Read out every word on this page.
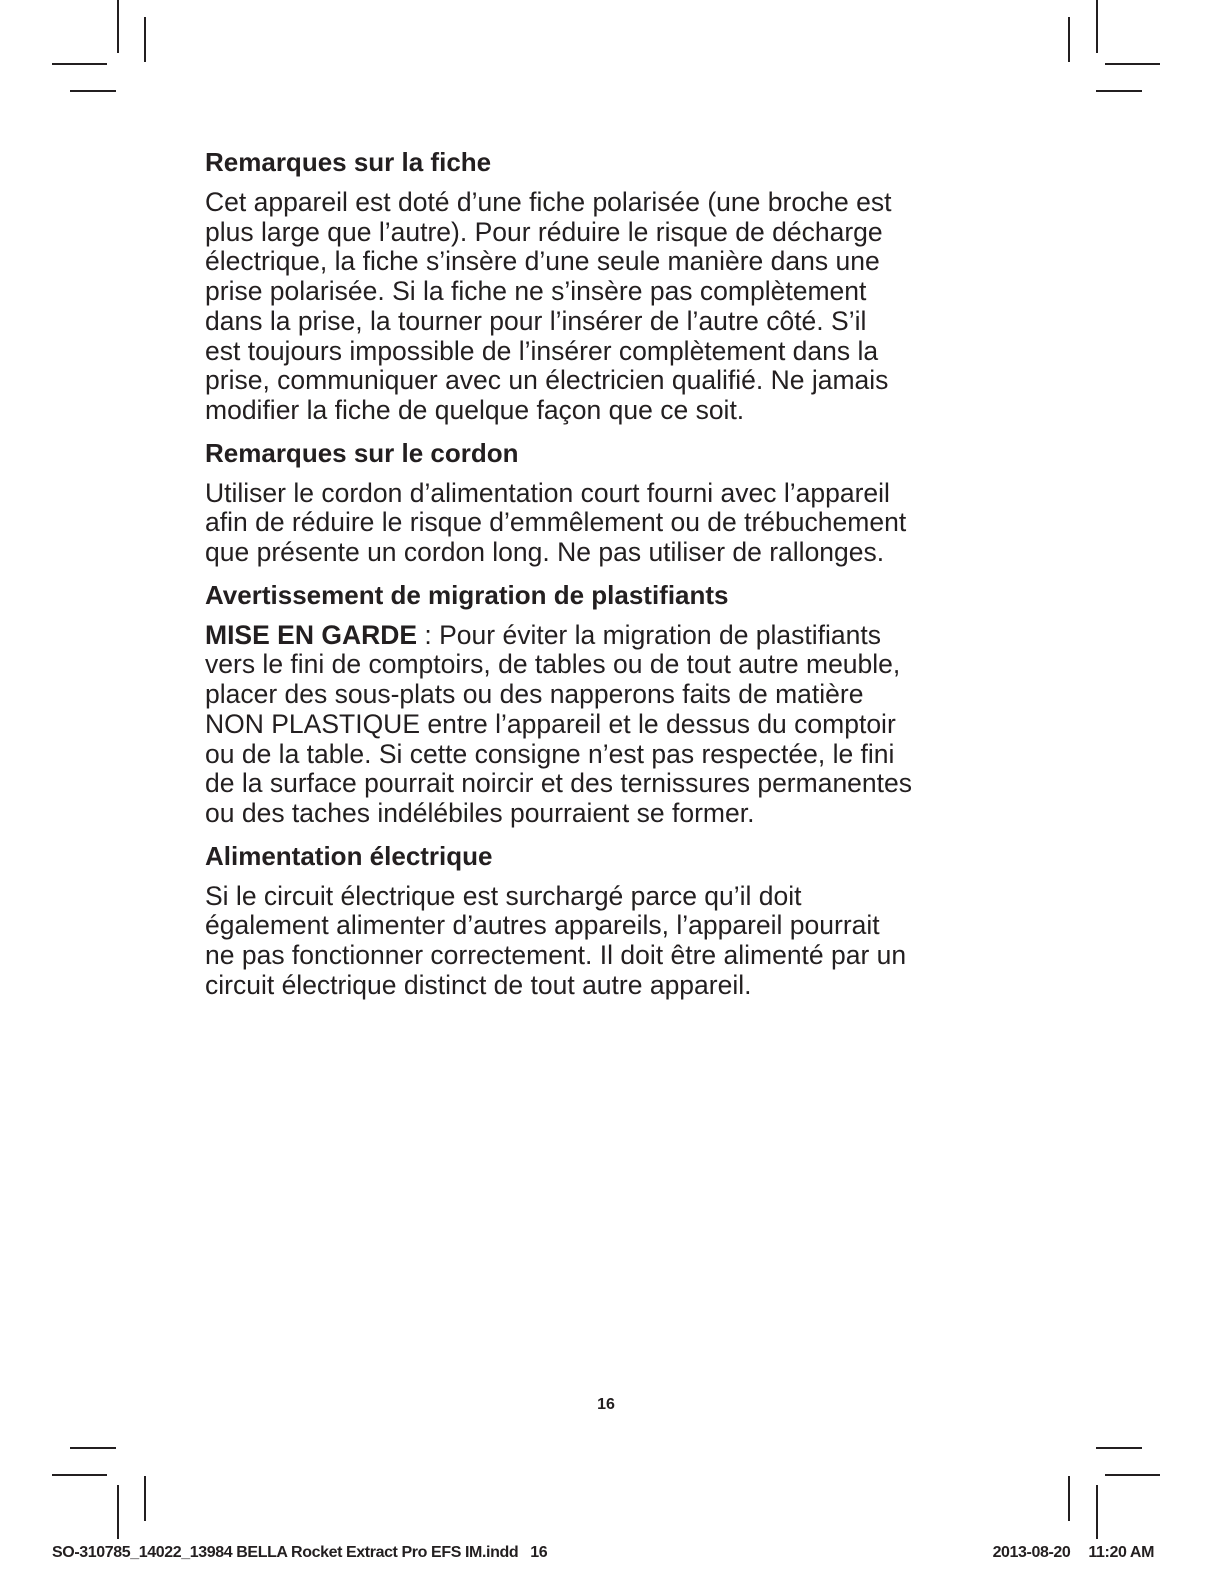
Remarques sur la fiche
Cet appareil est doté d’une fiche polarisée (une broche est
plus large que l’autre). Pour réduire le risque de décharge
électrique, la fiche s’insère d’une seule manière dans une
prise polarisée. Si la fiche ne s’insère pas complètement
dans la prise, la tourner pour l’insérer de l’autre côté. S’il
est toujours impossible de l’insérer complètement dans la
prise, communiquer avec un électricien qualifié. Ne jamais
modifier la fiche de quelque façon que ce soit.
Remarques sur le cordon
Utiliser le cordon d’alimentation court fourni avec l’appareil
afin de réduire le risque d’emmêlement ou de trébuchement
que présente un cordon long. Ne pas utiliser de rallonges.
Avertissement de migration de plastifiants
MISE EN GARDE : Pour éviter la migration de plastifiants
vers le fini de comptoirs, de tables ou de tout autre meuble,
placer des sous-plats ou des napperons faits de matière
NON PLASTIQUE entre l’appareil et le dessus du comptoir
ou de la table. Si cette consigne n’est pas respectée, le fini
de la surface pourrait noircir et des ternissures permanentes
ou des taches indélébiles pourraient se former.
Alimentation électrique
Si le circuit électrique est surchargé parce qu’il doit
également alimenter d’autres appareils, l’appareil pourrait
ne pas fonctionner correctement. Il doit être alimenté par un
circuit électrique distinct de tout autre appareil.
16
SO-310785_14022_13984 BELLA Rocket Extract Pro EFS IM.indd 16	2013-08-20 11:20 AM
